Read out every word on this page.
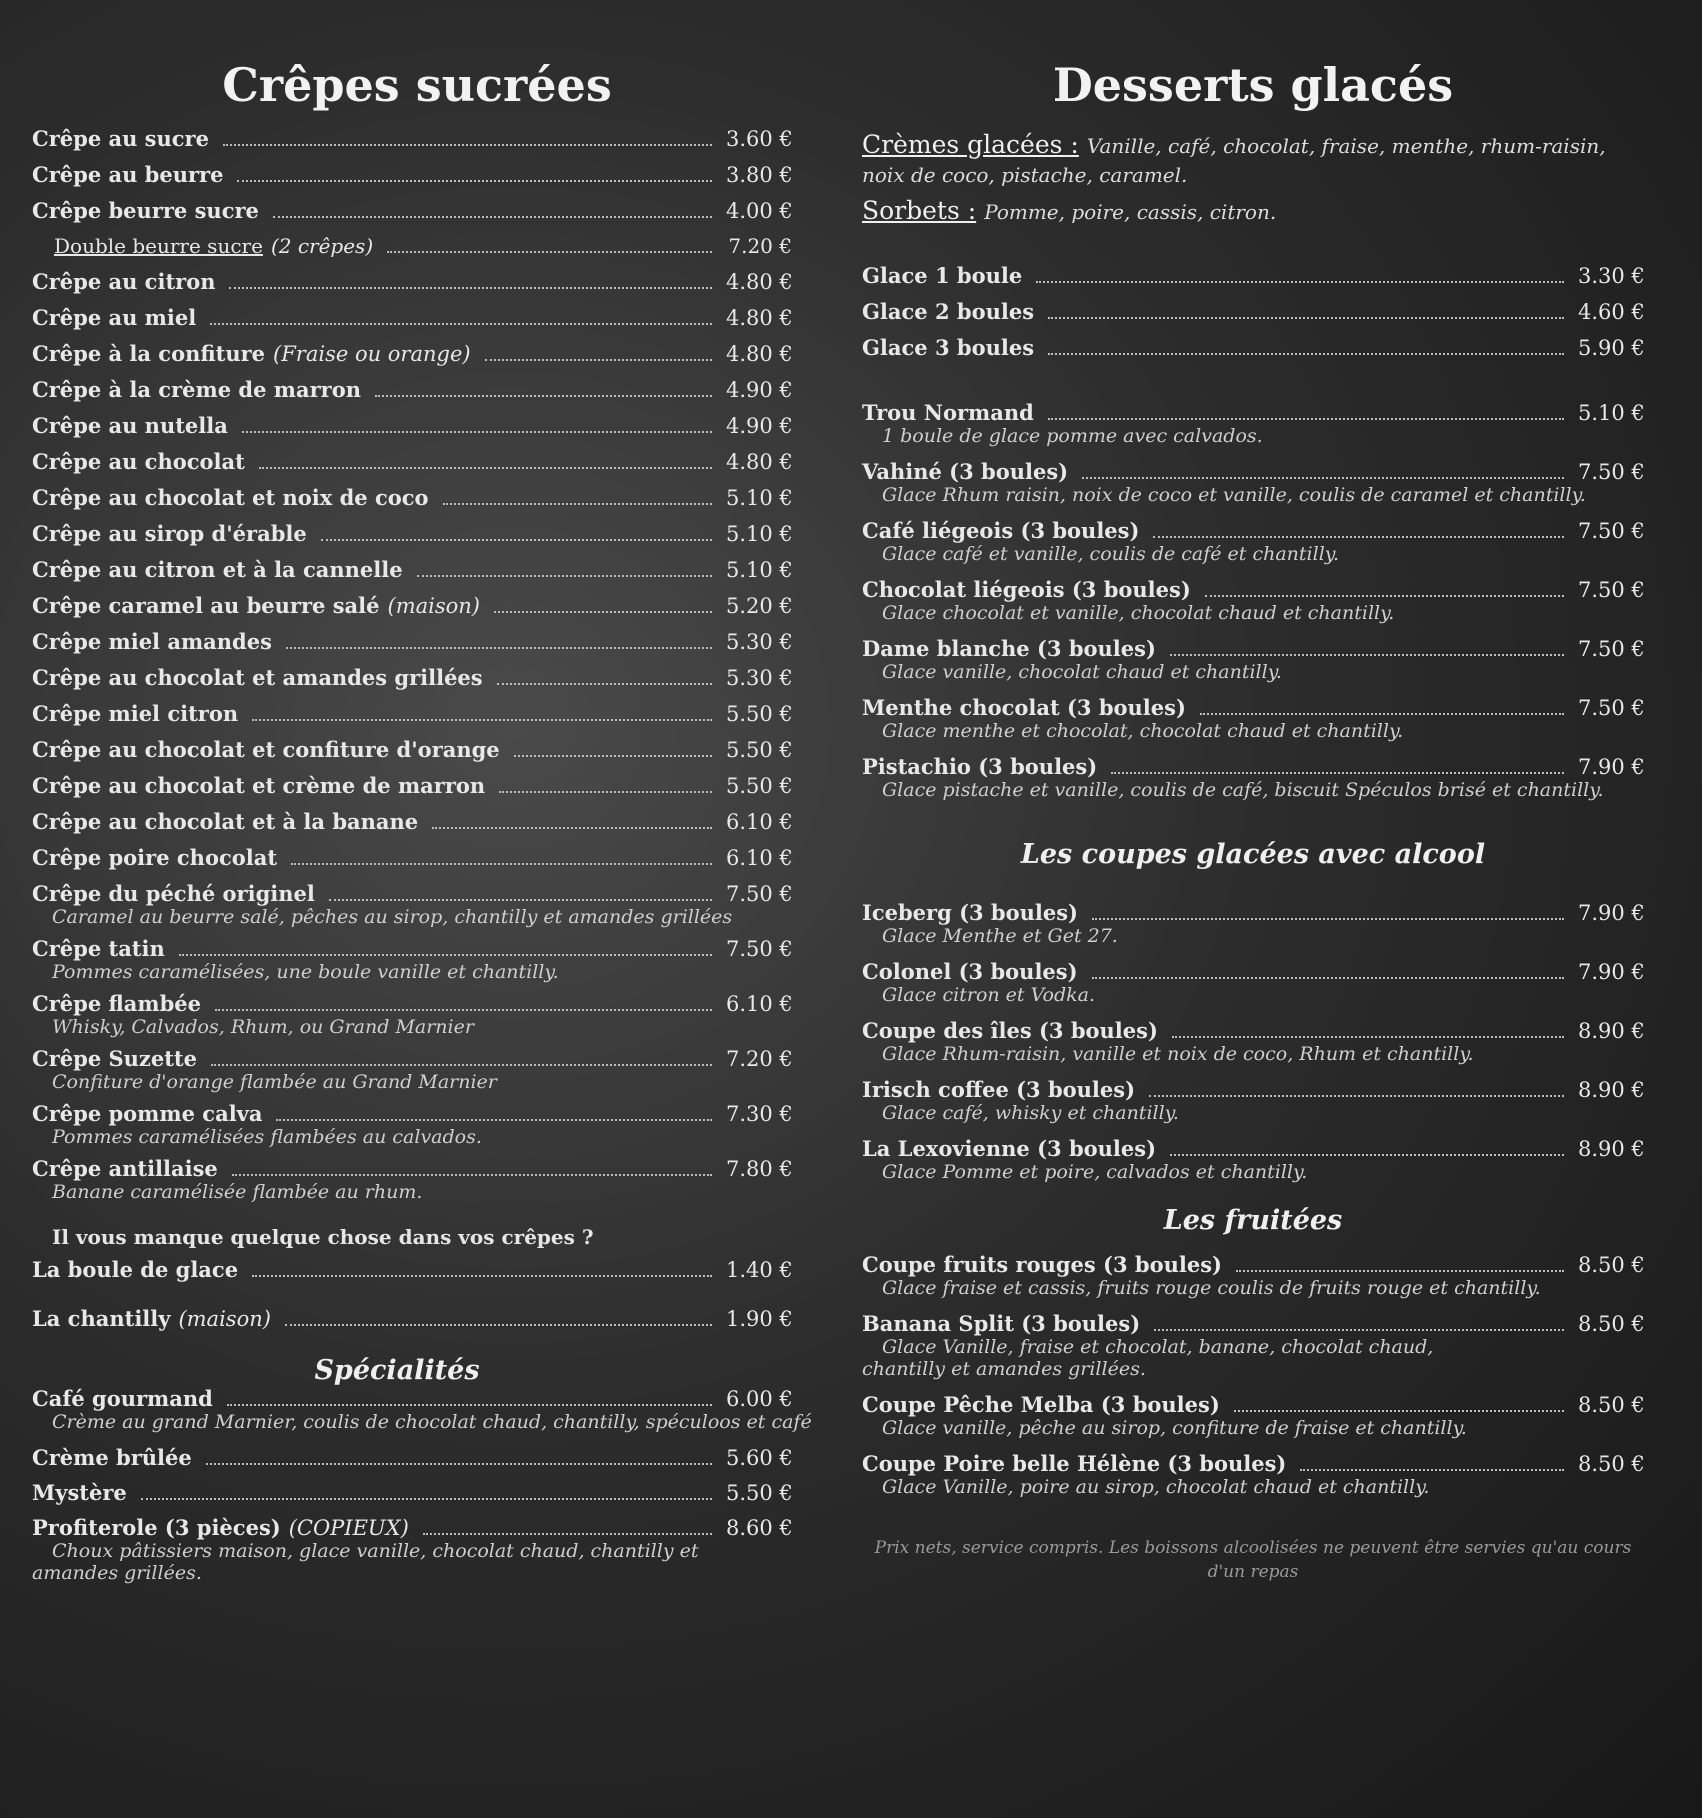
Crêpes sucrées
Crêpe au sucre	3.60 €
Crêpe au beurre	3.80 €
Crêpe beurre sucre	4.00 €
Double beurre sucre (2 crêpes)	7.20 €
Crêpe au citron	4.80 €
Crêpe au miel	4.80 €
Crêpe à la confiture (Fraise ou orange)	4.80 €
Crêpe à la crème de marron	4.90 €
Crêpe au nutella	4.90 €
Crêpe au chocolat	4.80 €
Crêpe au chocolat et noix de coco	5.10 €
Crêpe au sirop d'érable	5.10 €
Crêpe au citron et à la cannelle	5.10 €
Crêpe caramel au beurre salé (maison)	5.20 €
Crêpe miel amandes	5.30 €
Crêpe au chocolat et amandes grillées	5.30 €
Crêpe miel citron	5.50 €
Crêpe au chocolat et confiture d'orange	5.50 €
Crêpe au chocolat et crème de marron	5.50 €
Crêpe au chocolat et à la banane	6.10 €
Crêpe poire chocolat	6.10 €
Crêpe du péché originel	7.50 €
Caramel au beurre salé, pêches au sirop, chantilly et amandes grillées
Crêpe tatin	7.50 €
Pommes caramélisées, une boule vanille et chantilly.
Crêpe flambée	6.10 €
Whisky, Calvados, Rhum, ou Grand Marnier
Crêpe Suzette	7.20 €
Confiture d'orange flambée au Grand Marnier
Crêpe pomme calva	7.30 €
Pommes caramélisées flambées au calvados.
Crêpe antillaise	7.80 €
Banane caramélisée flambée au rhum.
Il vous manque quelque chose dans vos crêpes ?
La boule de glace	1.40 €
La chantilly (maison)	1.90 €
Spécialités
Café gourmand	6.00 €
Crème au grand Marnier, coulis de chocolat chaud, chantilly, spéculoos et café
Crème brûlée	5.60 €
Mystère	5.50 €
Profiterole (3 pièces) (COPIEUX)	8.60 €
Choux pâtissiers maison, glace vanille, chocolat chaud, chantilly et amandes grillées.
Desserts glacés
Crèmes glacées : Vanille, café, chocolat, fraise, menthe, rhum-raisin, noix de coco, pistache, caramel.
Sorbets : Pomme, poire, cassis, citron.
Glace 1 boule	3.30 €
Glace 2 boules	4.60 €
Glace 3 boules	5.90 €
Trou Normand	5.10 €
1 boule de glace pomme avec calvados.
Vahiné (3 boules)	7.50 €
Glace Rhum raisin, noix de coco et vanille, coulis de caramel et chantilly.
Café liégeois (3 boules)	7.50 €
Glace café et vanille, coulis de café et chantilly.
Chocolat liégeois (3 boules)	7.50 €
Glace chocolat et vanille, chocolat chaud et chantilly.
Dame blanche (3 boules)	7.50 €
Glace vanille, chocolat chaud et chantilly.
Menthe chocolat (3 boules)	7.50 €
Glace menthe et chocolat, chocolat chaud et chantilly.
Pistachio (3 boules)	7.90 €
Glace pistache et vanille, coulis de café, biscuit Spéculos brisé et chantilly.
Les coupes glacées avec alcool
Iceberg (3 boules)	7.90 €
Glace Menthe et Get 27.
Colonel (3 boules)	7.90 €
Glace citron et Vodka.
Coupe des îles (3 boules)	8.90 €
Glace Rhum-raisin, vanille et noix de coco, Rhum et chantilly.
Irisch coffee (3 boules)	8.90 €
Glace café, whisky et chantilly.
La Lexovienne (3 boules)	8.90 €
Glace Pomme et poire, calvados et chantilly.
Les fruitées
Coupe fruits rouges (3 boules)	8.50 €
Glace fraise et cassis, fruits rouge coulis de fruits rouge et chantilly.
Banana Split (3 boules)	8.50 €
Glace Vanille, fraise et chocolat, banane, chocolat chaud, chantilly et amandes grillées.
Coupe Pêche Melba (3 boules)	8.50 €
Glace vanille, pêche au sirop, confiture de fraise et chantilly.
Coupe Poire belle Hélène (3 boules)	8.50 €
Glace Vanille, poire au sirop, chocolat chaud et chantilly.
Prix nets, service compris. Les boissons alcoolisées ne peuvent être servies qu'au cours d'un repas
